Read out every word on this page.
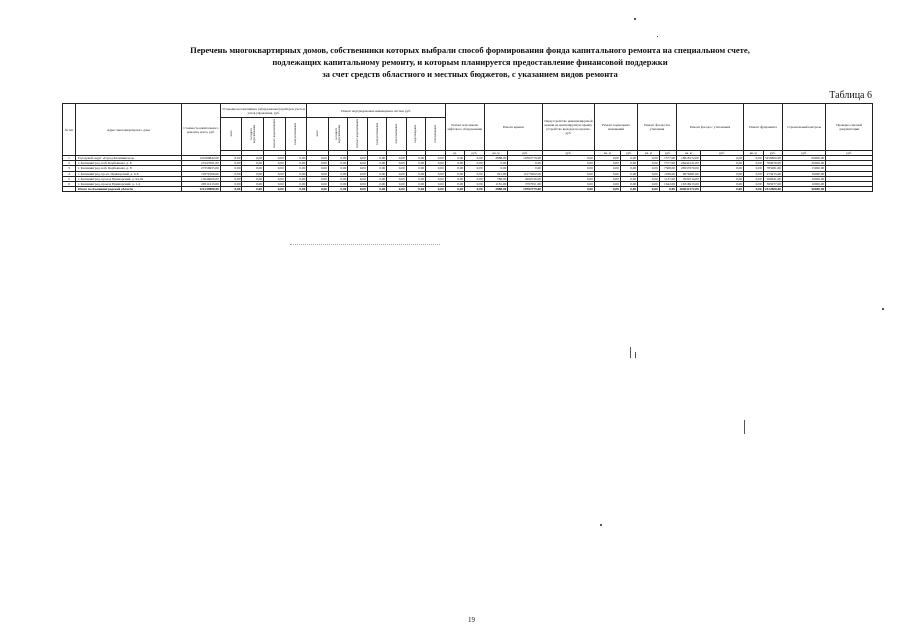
Перечень многоквартирных домов, собственники которых выбрали способ формирования фонда капитального ремонта на специальном счете,
подлежащих капитальному ремонту, и которым планируется предоставление финансовой поддержки
за счет средств областного и местных бюджетов, с указанием видов ремонта
Таблица 6
№ п/п	Адрес многоквартирного дома	Стоимость капитального ремонта, всего, руб.	Установка коллективных (общедомовых) приборов учета и узлов управления, руб.				Ремонт внутридомовых инженерных систем, руб.							Ремонт или замена лифтового оборудования		Ремонт крыши		Переустройство невентилируемой крыши на вентилируемую крышу, устройство выходов на кровлю, руб.	Ремонт подвальных помещений		Ремонт фасада без утепления		Ремонт фасада с утеплением		Ремонт фундамента		Строительный контроль	Проверка сметной документации
			всего	холодного водоснабжения	горячего водоснабжения	электроснабжения	всего	холодного водоснабжения	горячего водоснабжения	электроснабжения	теплоснабжения	водоотведения	газоснабжения															
														ед.	руб.	кв. м	руб.	руб.	кв. м	руб.	кв. м	руб.	кв. м	руб.	кв. м	руб.	руб.	руб.
1	Городской округ «Город Калининград»	120189842,00	0,00	0,00	0,00	0,00	0,00	0,00	0,00	0,00	0,00	0,00	0,00	0,00	0,00	2888,00	19392779,00	0,00	0,00	0,00	0,00	7377,00	18018172,00	0,00	0,00	3450800,00	69000,00	
2	г. Калининград, наб. Карбышева, д. 6	27247691,00	0,00	0,00	0,00	0,00	0,00	0,00	0,00	0,00	0,00	0,00	0,00	0,00	0,00	0,00	0,00	0,00	0,00	0,00	0,00	7377,00	26444141,00	0,00	0,00	784070,00	20000,00	
3	г. Калининград, наб. Карбышева, д. 8	27356955,00	0,00	0,00	0,00	0,00	0,00	0,00	0,00	0,00	0,00	0,00	0,00	0,00	0,00	0,00	0,00	0,00	0,00	0,00	0,00	7368,00	26557670,00	0,00	0,00	783281,00	15000,00	
4	г. Калининград, пр-кт. Приморский, д. 6-8	11872506,00	0,00	0,00	0,00	0,00	0,00	0,00	0,00	0,00	0,00	0,00	0,00	0,00	0,00	921,00	11575002,00	0,00	0,00	0,00	0,00	1189,00	9676481,00	0,00	0,00	273415,00	10000,00	
5	г. Калининград, проезд Приморский, д. 94-92	13946006,00	0,00	0,00	0,00	0,00	0,00	0,00	0,00	0,00	0,00	0,00	0,00	0,00	0,00	786,00	4020726,00	0,00	0,00	0,00	0,00	1137,00	7629714,00	0,00	0,00	269941,00	10000,00	
6	г. Калининград, проезд Приморский, д. 1-4	20511413,00	0,00	0,00	0,00	0,00	0,00	0,00	0,00	0,00	0,00	0,00	0,00	0,00	0,00	1181,00	3797051,00	0,00	0,00	0,00	0,00	1642,00	16316915,00	0,00	0,00	395077,00	10000,00	
	Итого по Калининградской области	121239880,00	0,00	0,00	0,00	0,00	0,00	0,00	0,00	0,00	0,00	0,00	0,00	0,00	0,00	2888,00	19392779,00	0,00	0,00	0,00	0,00	0,00	104032172,00	0,00	0,00	2512800,00	60000,00	
19
